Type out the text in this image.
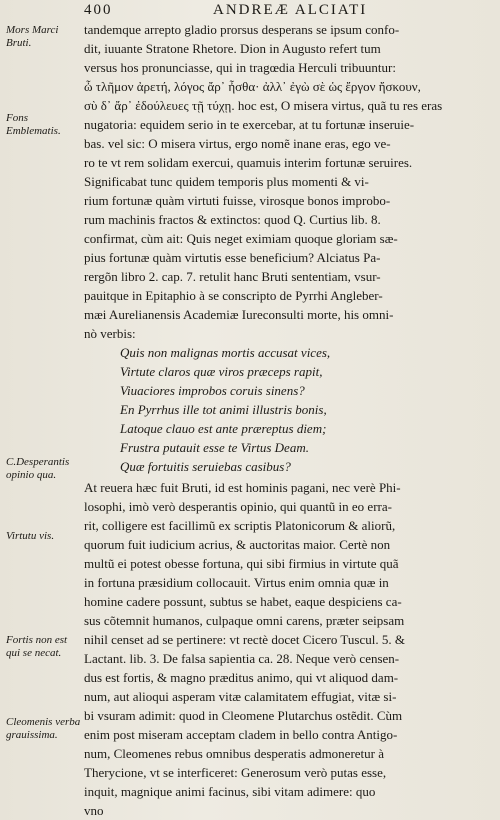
400	ANDREÆ ALCIATI
Mors Marci Bruti.
Fons Emblematis.
C.Desperantis opinio qua.
Virtutu vis.
Fortis non est qui se necat.
Cleomenis verba grauissima.
tandemque arrepto gladio prorsus desperans se ipsum confo-
dit, iuuante Stratone Rhetore. Dion in Augusto refert tum
versus hos pronunciasse, qui in tragœdia Herculi tribuuntur:
ὦ τλῆμον ἀρετή, λόγος ἄρ᾽ ἦσθα· ἀλλ᾽ ἐγὼ σὲ ὡς ἔργον ἤσκουν,
σὺ δ᾽ ἄρ᾽ ἐδούλευες τῇ τύχῃ. hoc est, O misera virtus, quã tu res eras
nugatoria: equidem serio in te exercebar, at tu fortunæ inseruie-
bas. vel sic: O misera virtus, ergo nomẽ inane eras, ego ve-
ro te vt rem solidam exercui, quamuis interim fortunæ seruires.
Significabat tunc quidem temporis plus momenti & vi-
rium fortunæ quàm virtuti fuisse, virosque bonos improbo-
rum machinis fractos & extinctos: quod Q. Curtius lib. 8.
confirmat, cùm ait: Quis neget eximiam quoque gloriam sæ-
pius fortunæ quàm virtutis esse beneficium? Alciatus Pa-
rergõn libro 2. cap. 7. retulit hanc Bruti sententiam, vsur-
pauitque in Epitaphio à se conscripto de Pyrrhi Angleber-
mæi Aurelianensis Academiæ Iureconsulti morte, his omni-
nò verbis:
Quis non malignas mortis accusat vices,
Virtute claros quæ viros præceps rapit,
Viuaciores improbos coruis sinens?
En Pyrrhus ille tot animi illustris bonis,
Latoque clauo est ante præreptus diem;
Frustra putauit esse te Virtus Deam.
Quæ fortuitis seruiebas casibus?
At reuera hæc fuit Bruti, id est hominis pagani, nec verè Phi-
losophi, imò verò desperantis opinio, qui quantũ in eo erra-
rit, colligere est facillimũ ex scriptis Platonicorum & aliorũ,
quorum fuit iudicium acrius, & auctoritas maior. Certè non
multũ ei potest obesse fortuna, qui sibi firmius in virtute quã
in fortuna præsidium collocauit. Virtus enim omnia quæ in
homine cadere possunt, subtus se habet, eaque despiciens ca-
sus cõtemnit humanos, culpaque omni carens, præter seipsam
nihil censet ad se pertinere: vt rectè docet Cicero Tuscul. 5. &
Lactant. lib. 3. De falsa sapientia ca. 28. Neque verò censen-
dus est fortis, & magno præditus animo, qui vt aliquod dam-
num, aut alioqui asperam vitæ calamitatem effugiat, vitæ si-
bi vsuram adimit: quod in Cleomene Plutarchus ostẽdit. Cùm
enim post miseram acceptam cladem in bello contra Antigo-
num, Cleomenes rebus omnibus desperatis admoneretur à
Therycione, vt se interficeret: Generosum verò putas esse,
inquit, magnique animi facinus, sibi vitam adimere: quo
vno
